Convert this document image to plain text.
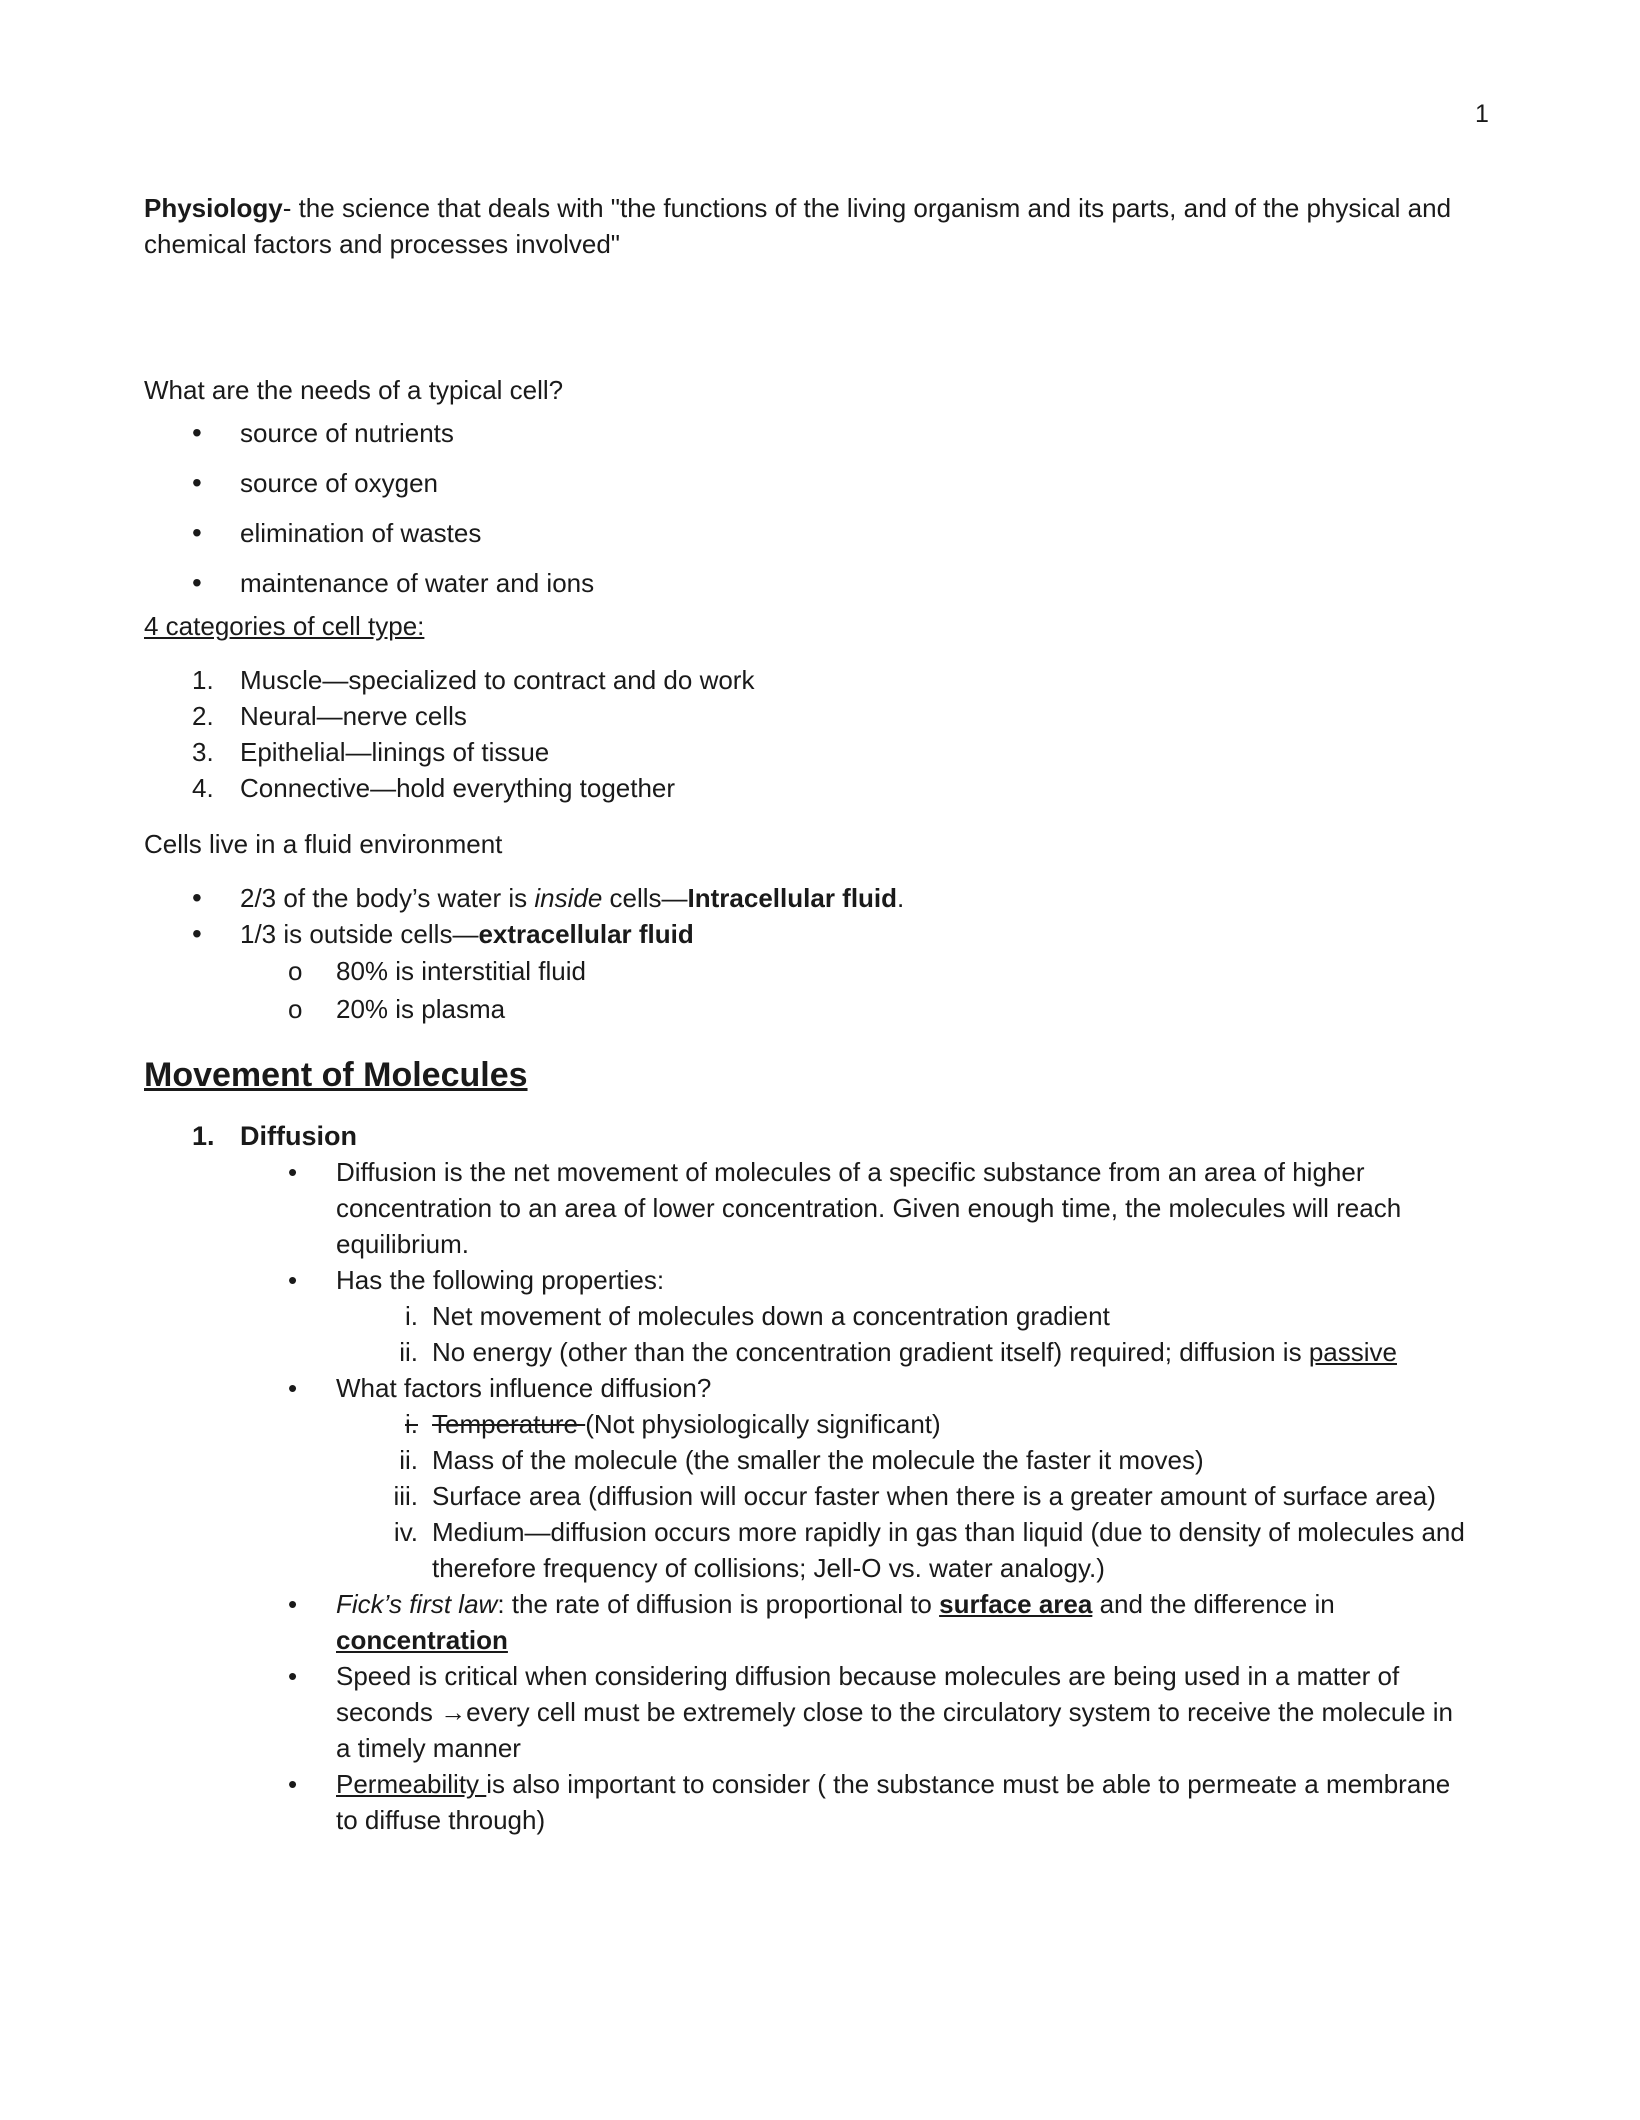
1

Physiology- the science that deals with "the functions of the living organism and its parts, and of the physical and chemical factors and processes involved"

What are the needs of a typical cell?
• source of nutrients
• source of oxygen
• elimination of wastes
• maintenance of water and ions
4 categories of cell type:
1. Muscle—specialized to contract and do work
2. Neural—nerve cells
3. Epithelial—linings of tissue
4. Connective—hold everything together
Cells live in a fluid environment
• 2/3 of the body’s water is inside cells—Intracellular fluid.
• 1/3 is outside cells—extracellular fluid
o 80% is interstitial fluid
o 20% is plasma
Movement of Molecules
1. Diffusion
• Diffusion is the net movement of molecules of a specific substance from an area of higher concentration to an area of lower concentration. Given enough time, the molecules will reach equilibrium.
• Has the following properties:
i. Net movement of molecules down a concentration gradient
ii. No energy (other than the concentration gradient itself) required; diffusion is passive
• What factors influence diffusion?
i. Temperature (Not physiologically significant)
ii. Mass of the molecule (the smaller the molecule the faster it moves)
iii. Surface area (diffusion will occur faster when there is a greater amount of surface area)
iv. Medium—diffusion occurs more rapidly in gas than liquid (due to density of molecules and therefore frequency of collisions; Jell-O vs. water analogy.)
• Fick’s first law: the rate of diffusion is proportional to surface area and the difference in concentration
• Speed is critical when considering diffusion because molecules are being used in a matter of seconds →every cell must be extremely close to the circulatory system to receive the molecule in a timely manner
• Permeability is also important to consider ( the substance must be able to permeate a membrane to diffuse through)
